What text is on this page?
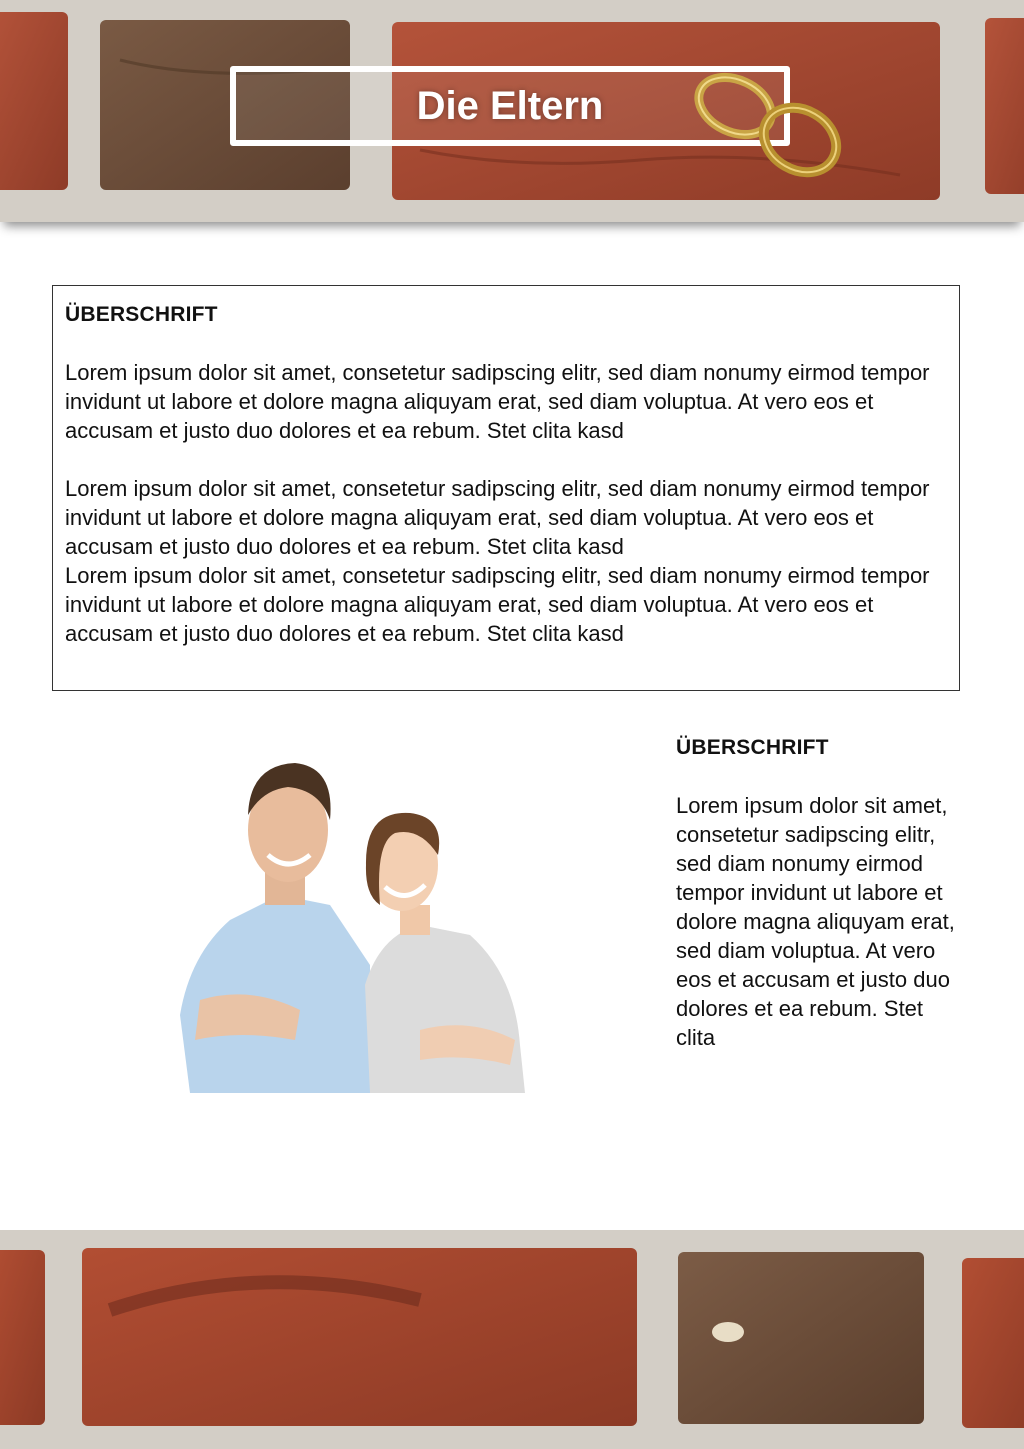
Die Eltern

ÜBERSCHRIFT

Lorem ipsum dolor sit amet, consetetur sadipscing elitr, sed diam nonumy eirmod tempor invidunt ut labore et dolore magna aliquyam erat, sed diam voluptua. At vero eos et accusam et justo duo dolores et ea rebum. Stet clita kasd

Lorem ipsum dolor sit amet, consetetur sadipscing elitr, sed diam nonumy eirmod tempor invidunt ut labore et dolore magna aliquyam erat, sed diam voluptua. At vero eos et accusam et justo duo dolores et ea rebum. Stet clita kasd

Lorem ipsum dolor sit amet, consetetur sadipscing elitr, sed diam nonumy eirmod tempor invidunt ut labore et dolore magna aliquyam erat, sed diam voluptua. At vero eos et accusam et justo duo dolores et ea rebum. Stet clita kasd

ÜBERSCHRIFT

Lorem ipsum dolor sit amet, consetetur sadipscing elitr, sed diam nonumy eirmod tempor invidunt ut labore et dolore magna aliquyam erat, sed diam voluptua. At vero eos et accusam et justo duo dolores et ea rebum. Stet clita
